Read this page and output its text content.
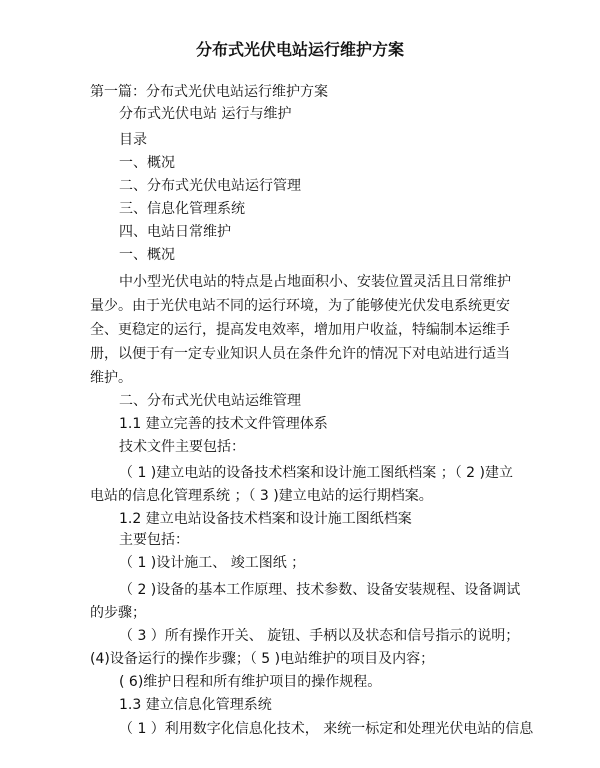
分布式光伏电站运行维护方案
第一篇：分布式光伏电站运行维护方案
分布式光伏电站 运行与维护
目录
一、概况
二、分布式光伏电站运行管理
三、信息化管理系统
四、电站日常维护
一、概况
中小型光伏电站的特点是占地面积小、安装位置灵活且日常维护
量少。由于光伏电站不同的运行环境，为了能够使光伏发电系统更安
全、更稳定的运行，提高发电效率，增加用户收益，特编制本运维手
册，以便于有一定专业知识人员在条件允许的情况下对电站进行适当
维护。
二、分布式光伏电站运维管理
1.1 建立完善的技术文件管理体系
技术文件主要包括：
（ 1 )建立电站的设备技术档案和设计施工图纸档案 ；（ 2 )建立
电站的信息化管理系统 ；（ 3 )建立电站的运行期档案。
1.2 建立电站设备技术档案和设计施工图纸档案
主要包括：
（ 1 )设计施工、 竣工图纸 ；
（ 2 )设备的基本工作原理、技术参数、设备安装规程、设备调试
的步骤；
（ 3 ）所有操作开关、 旋钮、手柄以及状态和信号指示的说明；
(4)设备运行的操作步骤；（ 5 )电站维护的项目及内容；
( 6)维护日程和所有维护项目的操作规程。
1.3 建立信息化管理系统
（ 1 ）利用数字化信息化技术， 来统一标定和处理光伏电站的信息
